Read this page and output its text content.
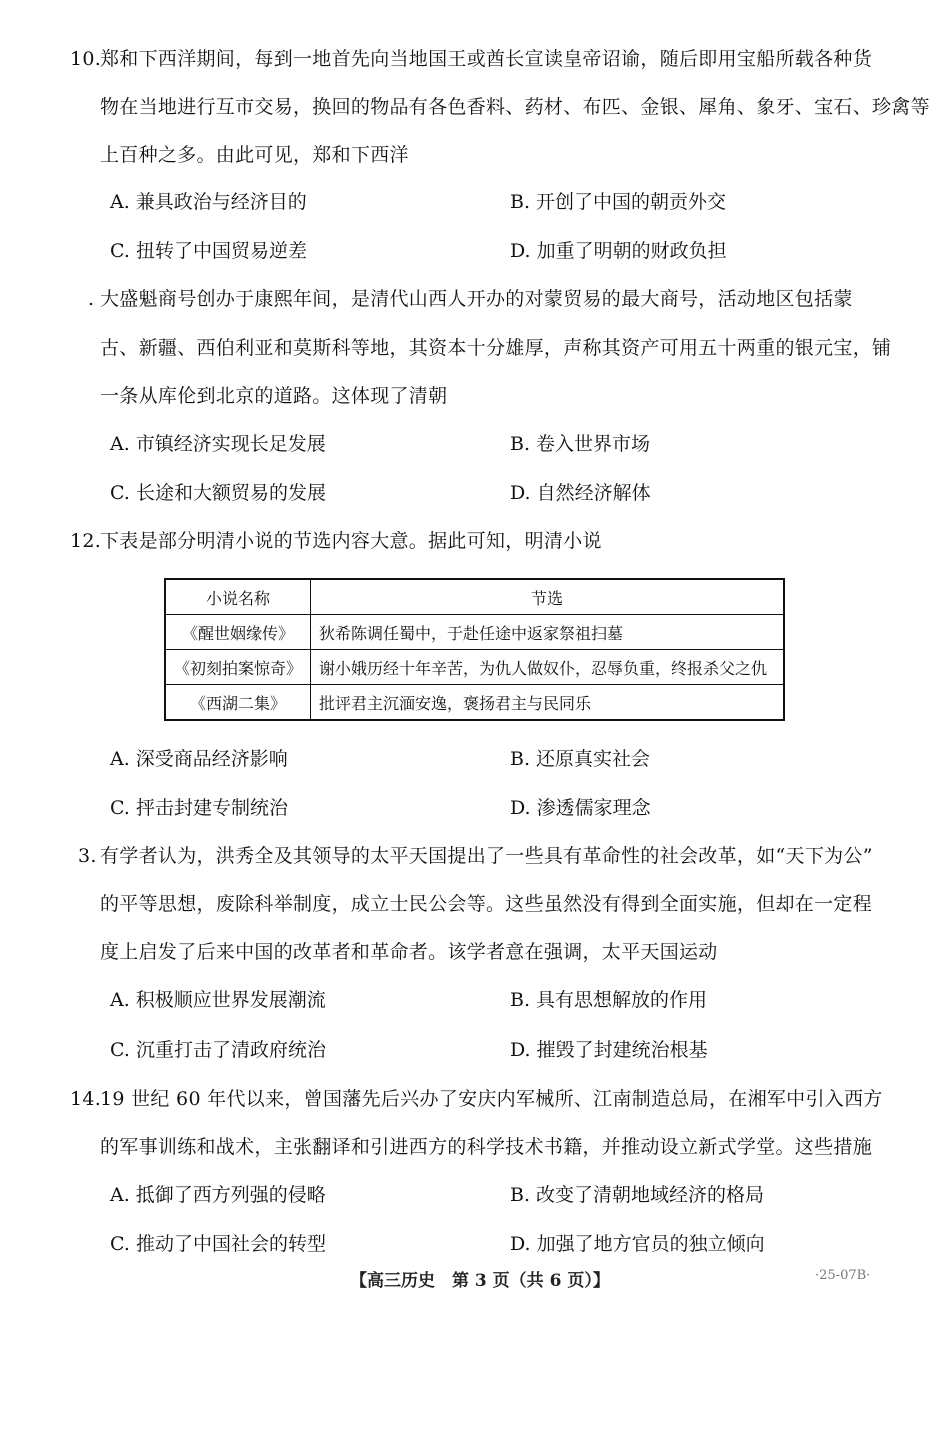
10.
郑和下西洋期间，每到一地首先向当地国王或酋长宣读皇帝诏谕，随后即用宝船所载各种货
物在当地进行互市交易，换回的物品有各色香料、药材、布匹、金银、犀角、象牙、宝石、珍禽等
上百种之多。由此可见，郑和下西洋
A. 兼具政治与经济目的	B. 开创了中国的朝贡外交
C. 扭转了中国贸易逆差	D. 加重了明朝的财政负担
. 大盛魁商号创办于康熙年间，是清代山西人开办的对蒙贸易的最大商号，活动地区包括蒙
古、新疆、西伯利亚和莫斯科等地，其资本十分雄厚，声称其资产可用五十两重的银元宝，铺
一条从库伦到北京的道路。这体现了清朝
A. 市镇经济实现长足发展	B. 卷入世界市场
C. 长途和大额贸易的发展	D. 自然经济解体
12.
下表是部分明清小说的节选内容大意。据此可知，明清小说
小说名称	节选
《醒世姻缘传》	狄希陈调任蜀中，于赴任途中返家祭祖扫墓
《初刻拍案惊奇》	谢小娥历经十年辛苦，为仇人做奴仆，忍辱负重，终报杀父之仇
《西湖二集》	批评君主沉湎安逸，褒扬君主与民同乐
A. 深受商品经济影响	B. 还原真实社会
C. 抨击封建专制统治	D. 渗透儒家理念
3. 有学者认为，洪秀全及其领导的太平天国提出了一些具有革命性的社会改革，如“天下为公”
的平等思想，废除科举制度，成立士民公会等。这些虽然没有得到全面实施，但却在一定程
度上启发了后来中国的改革者和革命者。该学者意在强调，太平天国运动
A. 积极顺应世界发展潮流	B. 具有思想解放的作用
C. 沉重打击了清政府统治	D. 摧毁了封建统治根基
14.
19 世纪 60 年代以来，曾国藩先后兴办了安庆内军械所、江南制造总局，在湘军中引入西方
的军事训练和战术，主张翻译和引进西方的科学技术书籍，并推动设立新式学堂。这些措施
A. 抵御了西方列强的侵略	B. 改变了清朝地域经济的格局
C. 推动了中国社会的转型	D. 加强了地方官员的独立倾向
【高三历史　第 3 页（共 6 页）】	·25-07B·
